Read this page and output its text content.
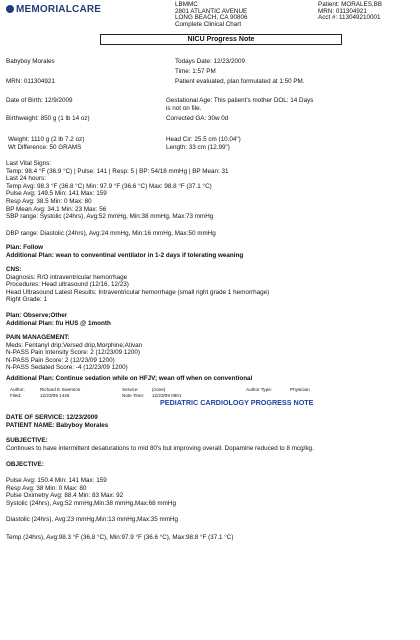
MEMORIALCARE	LBMMC
2801 ATLANTIC AVENUE
LONG BEACH, CA 90806
Complete Clinical Chart
Patient: MORALES,BB
MRN: 011304921
Acct #: 113049210001
NICU Progress Note
Babyboy Morales
MRN: 011304921
Todays Date: 12/23/2009
Time: 1:57 PM
Patient evaluated, plan formulated at 1:50 PM.
Date of Birth: 12/9/2009	Gestational Age: This patient's mother DOL: 14 Days
is not on file.
Birthweight: 850 g (1 lb 14 oz)	Corrected GA: 30w 0d
Weight: 1110 g (2 lb 7.2 oz)
Wt Difference: 50 GRAMS
Head Cir: 25.5 cm (10.04")
Length: 33 cm (12.99")
Last Vital Signs:
Temp: 98.4 °F (36.9 °C) | Pulse: 141 | Resp: 5 | BP: 54/18 mmHg | BP Mean: 31
Last 24 hours:
Temp Avg: 98.3 °F (36.8 °C) Min: 97.9 °F (36.6 °C) Max: 98.8 °F (37.1 °C)
Pulse Avg: 149.5 Min: 141 Max: 159
Resp Avg: 38.5 Min: 0 Max: 80
BP Mean Avg: 34.1 Min: 23 Max: 56
SBP range: Systolic (24hrs), Avg:52 mmHg, Min:38 mmHg, Max:73 mmHg
DBP range: Diastolic (24hrs), Avg:24 mmHg, Min:16 mmHg, Max:50 mmHg
Plan: Follow
Additional Plan: wean to conventinal ventilator in 1-2 days if tolerating weaning
CNS:
Diagnosis: R/O intraventricular hemorrhage
Procedures: Head ultrasound (12/16, 12/23)
Head Ultrasound Latest Results: Intraventricular hemorrhage (small right grade 1 hemorrhage)
Right Grade: 1
Plan: Observe;Other
Additional Plan: f/u HUS @ 1month
PAIN MANAGEMENT:
Meds: Fentanyl drip;Versed drip,Morphine;Ativan
N-PASS Pain Intensity Score: 2 (12/23/09 1200)
N-PASS Pain Score: 2 (12/23/09 1200)
N-PASS Sedated Score: -4 (12/23/09 1200)
Additional Plan: Continue sedation while on HFJV; wean off when on conventional
Author:	Richard E Swenson
Filed:	12/23/09 1446
Service:	(none)
Note Time: 12/23/09 0801
Author Type:	Physician
PEDIATRIC CARDIOLOGY PROGRESS NOTE
DATE OF SERVICE: 12/23/2009
PATIENT NAME: Babyboy Morales
SUBJECTIVE:
Continues to have intermittent desaturations to mid 80's but improving overall. Dopamine reduced to 8 mcg/kg.
OBJECTIVE:
Pulse Avg: 150.4 Min: 141 Max: 159
Resp Avg: 38 Min: 0 Max: 80
Pulse Oximetry Avg: 88.4 Min: 83 Max: 92
Systolic (24hrs), Avg:52 mmHg,Min:38 mmHg,Max:68 mmHg
Diastolic (24hrs), Avg:23 mmHg,Min:13 mmHg,Max:35 mmHg
Temp (24hrs), Avg:98.3 °F (36.8 °C), Min:97.9 °F (36.6 °C), Max:98.8 °F (37.1 °C)
